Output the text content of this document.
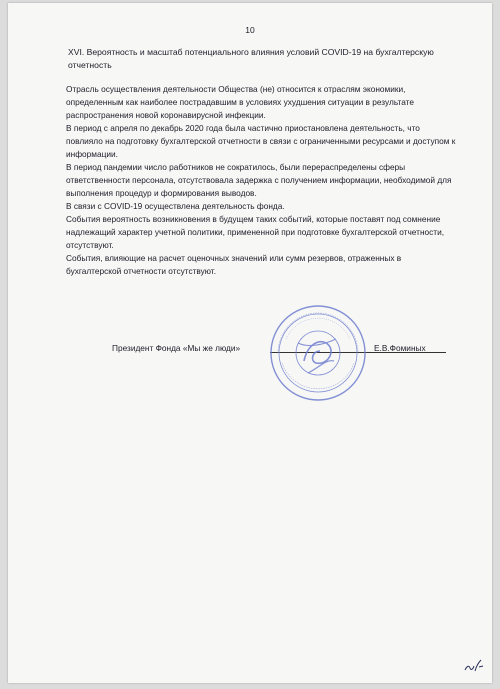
10
XVI. Вероятность и масштаб потенциального влияния условий COVID-19 на бухгалтерскую отчетность

Отрасль осуществления деятельности Общества (не) относится к отраслям экономики, определенным как наиболее пострадавшим в условиях ухудшения ситуации в результате распространения новой коронавирусной инфекции.

В период с апреля по декабрь 2020 года была частично приостановлена деятельность, что повлияло на подготовку бухгалтерской отчетности в связи с ограниченными ресурсами и доступом к информации.

В период пандемии число работников не сократилось, были перераспределены сферы ответственности персонала, отсутствовала задержка с получением информации, необходимой для выполнения процедур и формирования выводов.

В связи с COVID-19 осуществлена деятельность фонда.

События вероятность возникновения в будущем таких событий, которые поставят под сомнение надлежащий характер учетной политики, примененной при подготовке бухгалтерской отчетности, отсутствуют.

События, влияющие на расчет оценочных значений или сумм резервов, отраженных в бухгалтерской отчетности отсутствуют.

Президент Фонда «Мы же люди»	Е.В.Фоминых
